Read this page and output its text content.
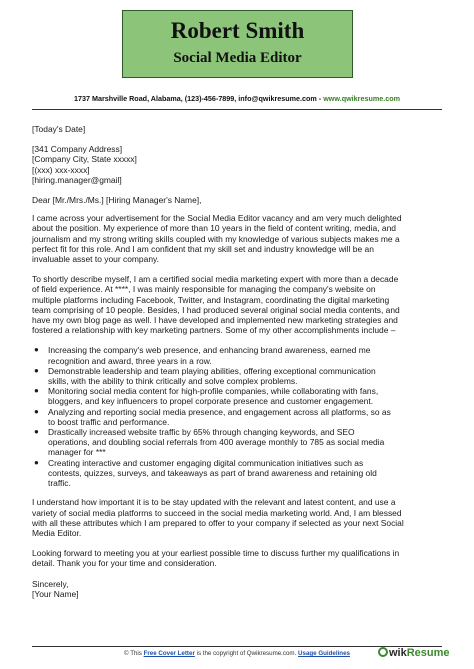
Robert Smith
Social Media Editor
1737 Marshville Road, Alabama, (123)-456-7899, info@qwikresume.com - www.qwikresume.com
[Today's Date]
[341 Company Address]
[Company City, State xxxxx]
[(xxx) xxx-xxxx]
[hiring.manager@gmail]
Dear [Mr./Mrs./Ms.] [Hiring Manager's Name],
I came across your advertisement for the Social Media Editor vacancy and am very much delighted
about the position. My experience of more than 10 years in the field of content writing, media, and
journalism and my strong writing skills coupled with my knowledge of various subjects makes me a
perfect fit for this role. And I am confident that my skill set and industry knowledge will be an
invaluable asset to your company.
To shortly describe myself, I am a certified social media marketing expert with more than a decade
of field experience. At ****, I was mainly responsible for managing the company's website on
multiple platforms including Facebook, Twitter, and Instagram, coordinating the digital marketing
team comprising of 10 people. Besides, I had produced several original social media contents, and
have my own blog page as well. I have developed and implemented new marketing strategies and
fostered a relationship with key marketing partners. Some of my other accomplishments include –
● Increasing the company's web presence, and enhancing brand awareness, earned me
recognition and award, three years in a row.
● Demonstrable leadership and team playing abilities, offering exceptional communication
skills, with the ability to think critically and solve complex problems.
● Monitoring social media content for high-profile companies, while collaborating with fans,
bloggers, and key influencers to propel corporate presence and customer engagement.
● Analyzing and reporting social media presence, and engagement across all platforms, so as
to boost traffic and performance.
● Drastically increased website traffic by 65% through changing keywords, and SEO
operations, and doubling social referrals from 400 average monthly to 785 as social media
manager for ***
● Creating interactive and customer engaging digital communication initiatives such as
contests, quizzes, surveys, and takeaways as part of brand awareness and retaining old
traffic.
I understand how important it is to be stay updated with the relevant and latest content, and use a
variety of social media platforms to succeed in the social media marketing world. And, I am blessed
with all these attributes which I am prepared to offer to your company if selected as your next Social
Media Editor.
Looking forward to meeting you at your earliest possible time to discuss further my qualifications in
detail. Thank you for your time and consideration.
Sincerely,
[Your Name]
© This Free Cover Letter is the copyright of Qwikresume.com. Usage Guidelines	wikResume
